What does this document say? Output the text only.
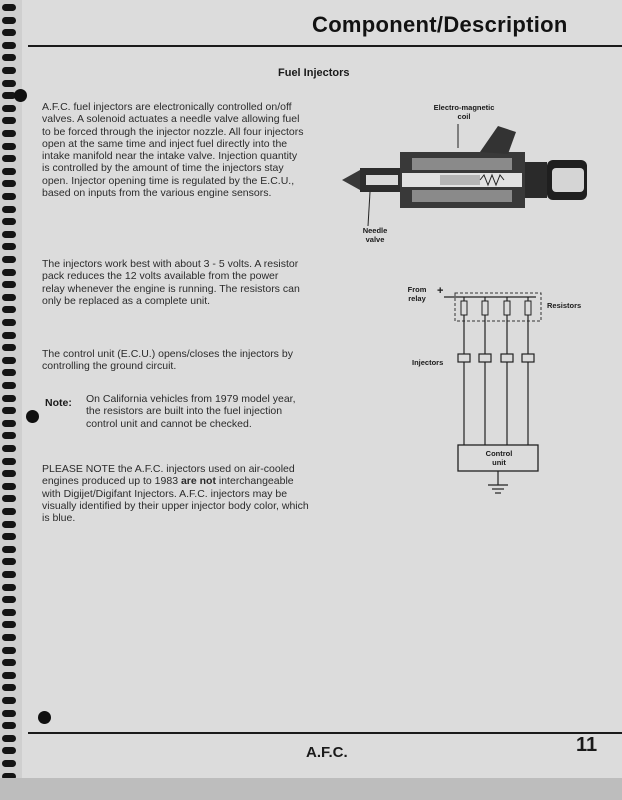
Component/Description
Fuel Injectors

A.F.C. fuel injectors are electronically controlled on/off valves. A solenoid actuates a needle valve allowing fuel to be forced through the injector nozzle. All four injectors open at the same time and inject fuel directly into the intake manifold near the intake valve. Injection quantity is controlled by the amount of time the injectors stay open. Injector opening time is regulated by the E.C.U., based on inputs from the various engine sensors.

The injectors work best with about 3 - 5 volts. A resistor pack reduces the 12 volts available from the power relay whenever the engine is running. The resistors can only be replaced as a complete unit.

The control unit (E.C.U.) opens/closes the injectors by controlling the ground circuit.

Note: On California vehicles from 1979 model year, the resistors are built into the fuel injection control unit and cannot be checked.

PLEASE NOTE the A.F.C. injectors used on air-cooled engines produced up to 1983 are not interchangeable with Digijet/Digifant Injectors. A.F.C. injectors may be visually identified by their upper injector body color, which is blue.

Electro-magnetic
coil
Needle
valve
From
relay
+
Resistors
Injectors
Control
unit
A.F.C.	11
